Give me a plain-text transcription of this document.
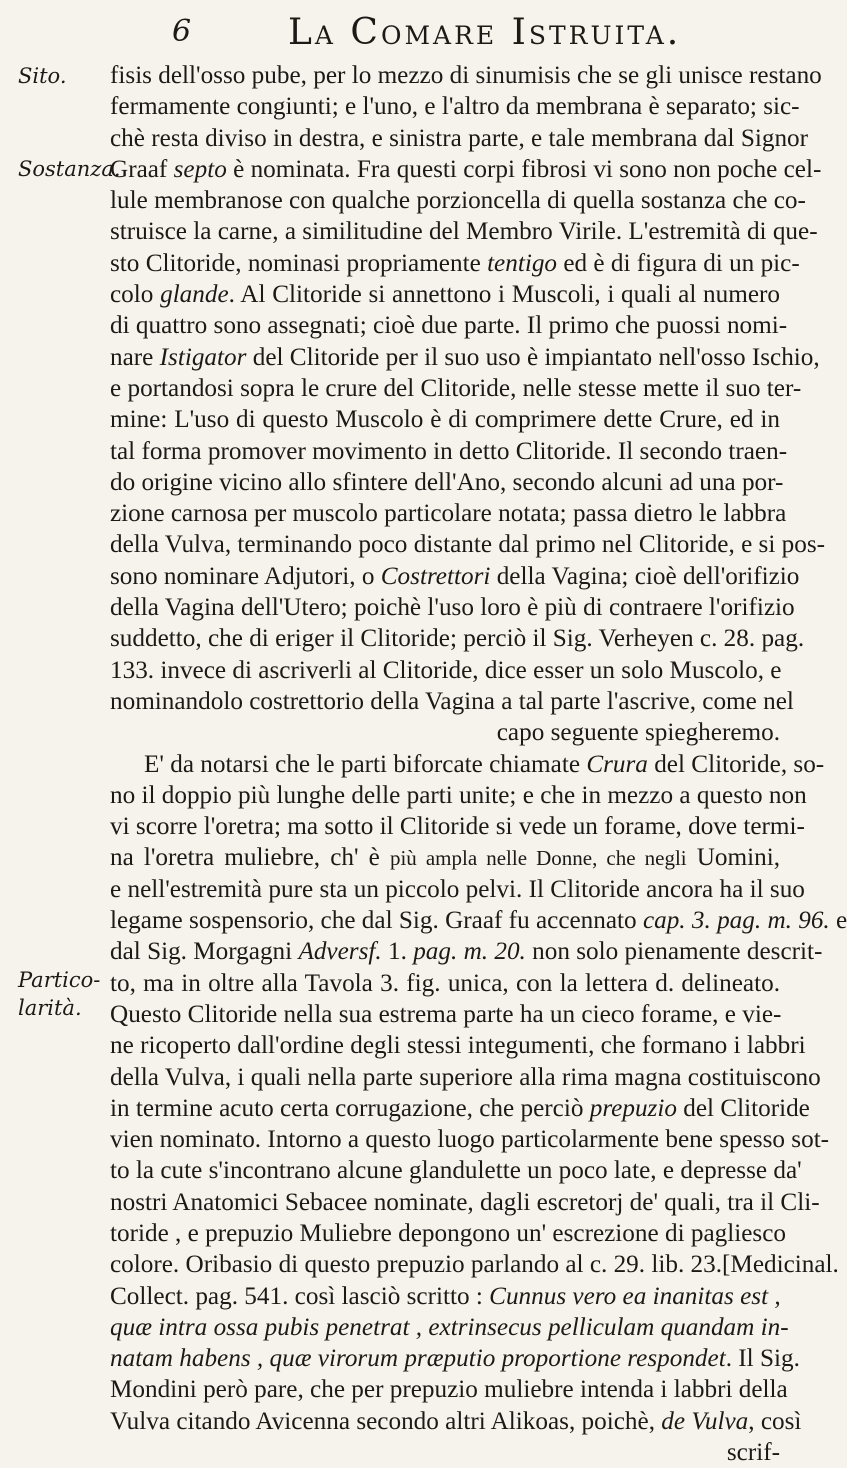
6	La Comare Istruita.
Sito.
Sostanza.
Partico-
larità.
fisis dell'osso pube, per lo mezzo di sinumisis che se gli unisce restano
fermamente congiunti; e l'uno, e l'altro da membrana è separato; sic-
chè resta diviso in destra, e sinistra parte, e tale membrana dal Signor
Graaf septo è nominata. Fra questi corpi fibrosi vi sono non poche cel-
lule membranose con qualche porzioncella di quella sostanza che co-
struisce la carne, a similitudine del Membro Virile. L'estremità di que-
sto Clitoride, nominasi propriamente tentigo ed è di figura di un pic-
colo glande. Al Clitoride si annettono i Muscoli, i quali al numero
di quattro sono assegnati; cioè due parte. Il primo che puossi nomi-
nare Istigator del Clitoride per il suo uso è impiantato nell'osso Ischio,
e portandosi sopra le crure del Clitoride, nelle stesse mette il suo ter-
mine: L'uso di questo Muscolo è di comprimere dette Crure, ed in
tal forma promover movimento in detto Clitoride. Il secondo traen-
do origine vicino allo sfintere dell'Ano, secondo alcuni ad una por-
zione carnosa per muscolo particolare notata; passa dietro le labbra
della Vulva, terminando poco distante dal primo nel Clitoride, e si pos-
sono nominare Adjutori, o Costrettori della Vagina; cioè dell'orifizio
della Vagina dell'Utero; poichè l'uso loro è più di contraere l'orifizio
suddetto, che di eriger il Clitoride; perciò il Sig. Verheyen c. 28. pag.
133. invece di ascriverli al Clitoride, dice esser un solo Muscolo, e
nominandolo costrettorio della Vagina a tal parte l'ascrive, come nel
capo seguente spiegheremo.
E' da notarsi che le parti biforcate chiamate Crura del Clitoride, so-
no il doppio più lunghe delle parti unite; e che in mezzo a questo non
vi scorre l'oretra; ma sotto il Clitoride si vede un forame, dove termi-
na l'oretra muliebre, ch' è più ampla nelle Donne, che negli Uomini,
e nell'estremità pure sta un piccolo pelvi. Il Clitoride ancora ha il suo
legame sospensorio, che dal Sig. Graaf fu accennato cap. 3. pag. m. 96. e
dal Sig. Morgagni Adversf. 1. pag. m. 20. non solo pienamente descrit-
to, ma in oltre alla Tavola 3. fig. unica, con la lettera d. delineato.
Questo Clitoride nella sua estrema parte ha un cieco forame, e vie-
ne ricoperto dall'ordine degli stessi integumenti, che formano i labbri
della Vulva, i quali nella parte superiore alla rima magna costituiscono
in termine acuto certa corrugazione, che perciò prepuzio del Clitoride
vien nominato. Intorno a questo luogo particolarmente bene spesso sot-
to la cute s'incontrano alcune glandulette un poco late, e depresse da'
nostri Anatomici Sebacee nominate, dagli escretorj de' quali, tra il Cli-
toride , e prepuzio Muliebre depongono un' escrezione di pagliesco
colore. Oribasio di questo prepuzio parlando al c. 29. lib. 23.[Medicinal.
Collect. pag. 541. così lasciò scritto : Cunnus vero ea inanitas est ,
quæ intra ossa pubis penetrat , extrinsecus pelliculam quandam in-
natam habens , quæ virorum præputio proportione respondet. Il Sig.
Mondini però pare, che per prepuzio muliebre intenda i labbri della
Vulva citando Avicenna secondo altri Alikoas, poichè, de Vulva, così
scrif-
